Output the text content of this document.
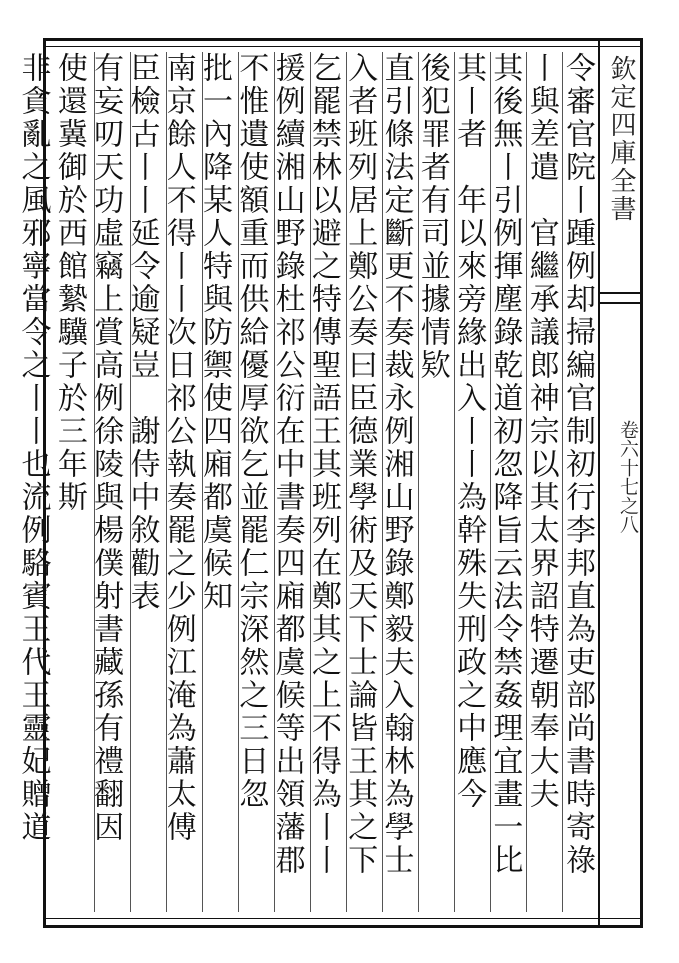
欽定四庫全書
卷六十七之八
令審官院丨踵例却掃編官制初行李邦直為吏部尚書時寄祿
丨與差遣　官繼承議郎神宗以其太界詔特遷朝奉大夫
其後無丨引例揮塵錄乾道初忽降旨云法令禁姦理宜畫一比
其丨者　年以來旁緣出入丨丨為幹殊失刑政之中應今
後犯罪者有司並據情欵
直引條法定斷更不奏裁永例湘山野錄鄭毅夫入翰林為學士
入者班列居上鄭公奏曰臣德業學術及天下士論皆王其之下
乞罷禁林以避之特傳聖語王其班列在鄭其之上不得為丨丨
援例續湘山野錄杜祁公衍在中書奏四廂都虞候等出領藩郡
不惟遺使額重而供給優厚欲乞並罷仁宗深然之三日忽
批一內降某人特與防禦使四廂都虞候知
南京餘人不得丨丨次日祁公執奏罷之少例江淹為蕭太傅
臣檢古丨丨延令逾疑豈　謝侍中敘勸表
有妄叨天功虛竊上賞高例徐陵與楊僕射書藏孫有禮翻因
使還冀御於西館縶驥子於三年斯
非貪亂之風邪寧當令之丨丨也流例駱賓王代王靈妃贈道
